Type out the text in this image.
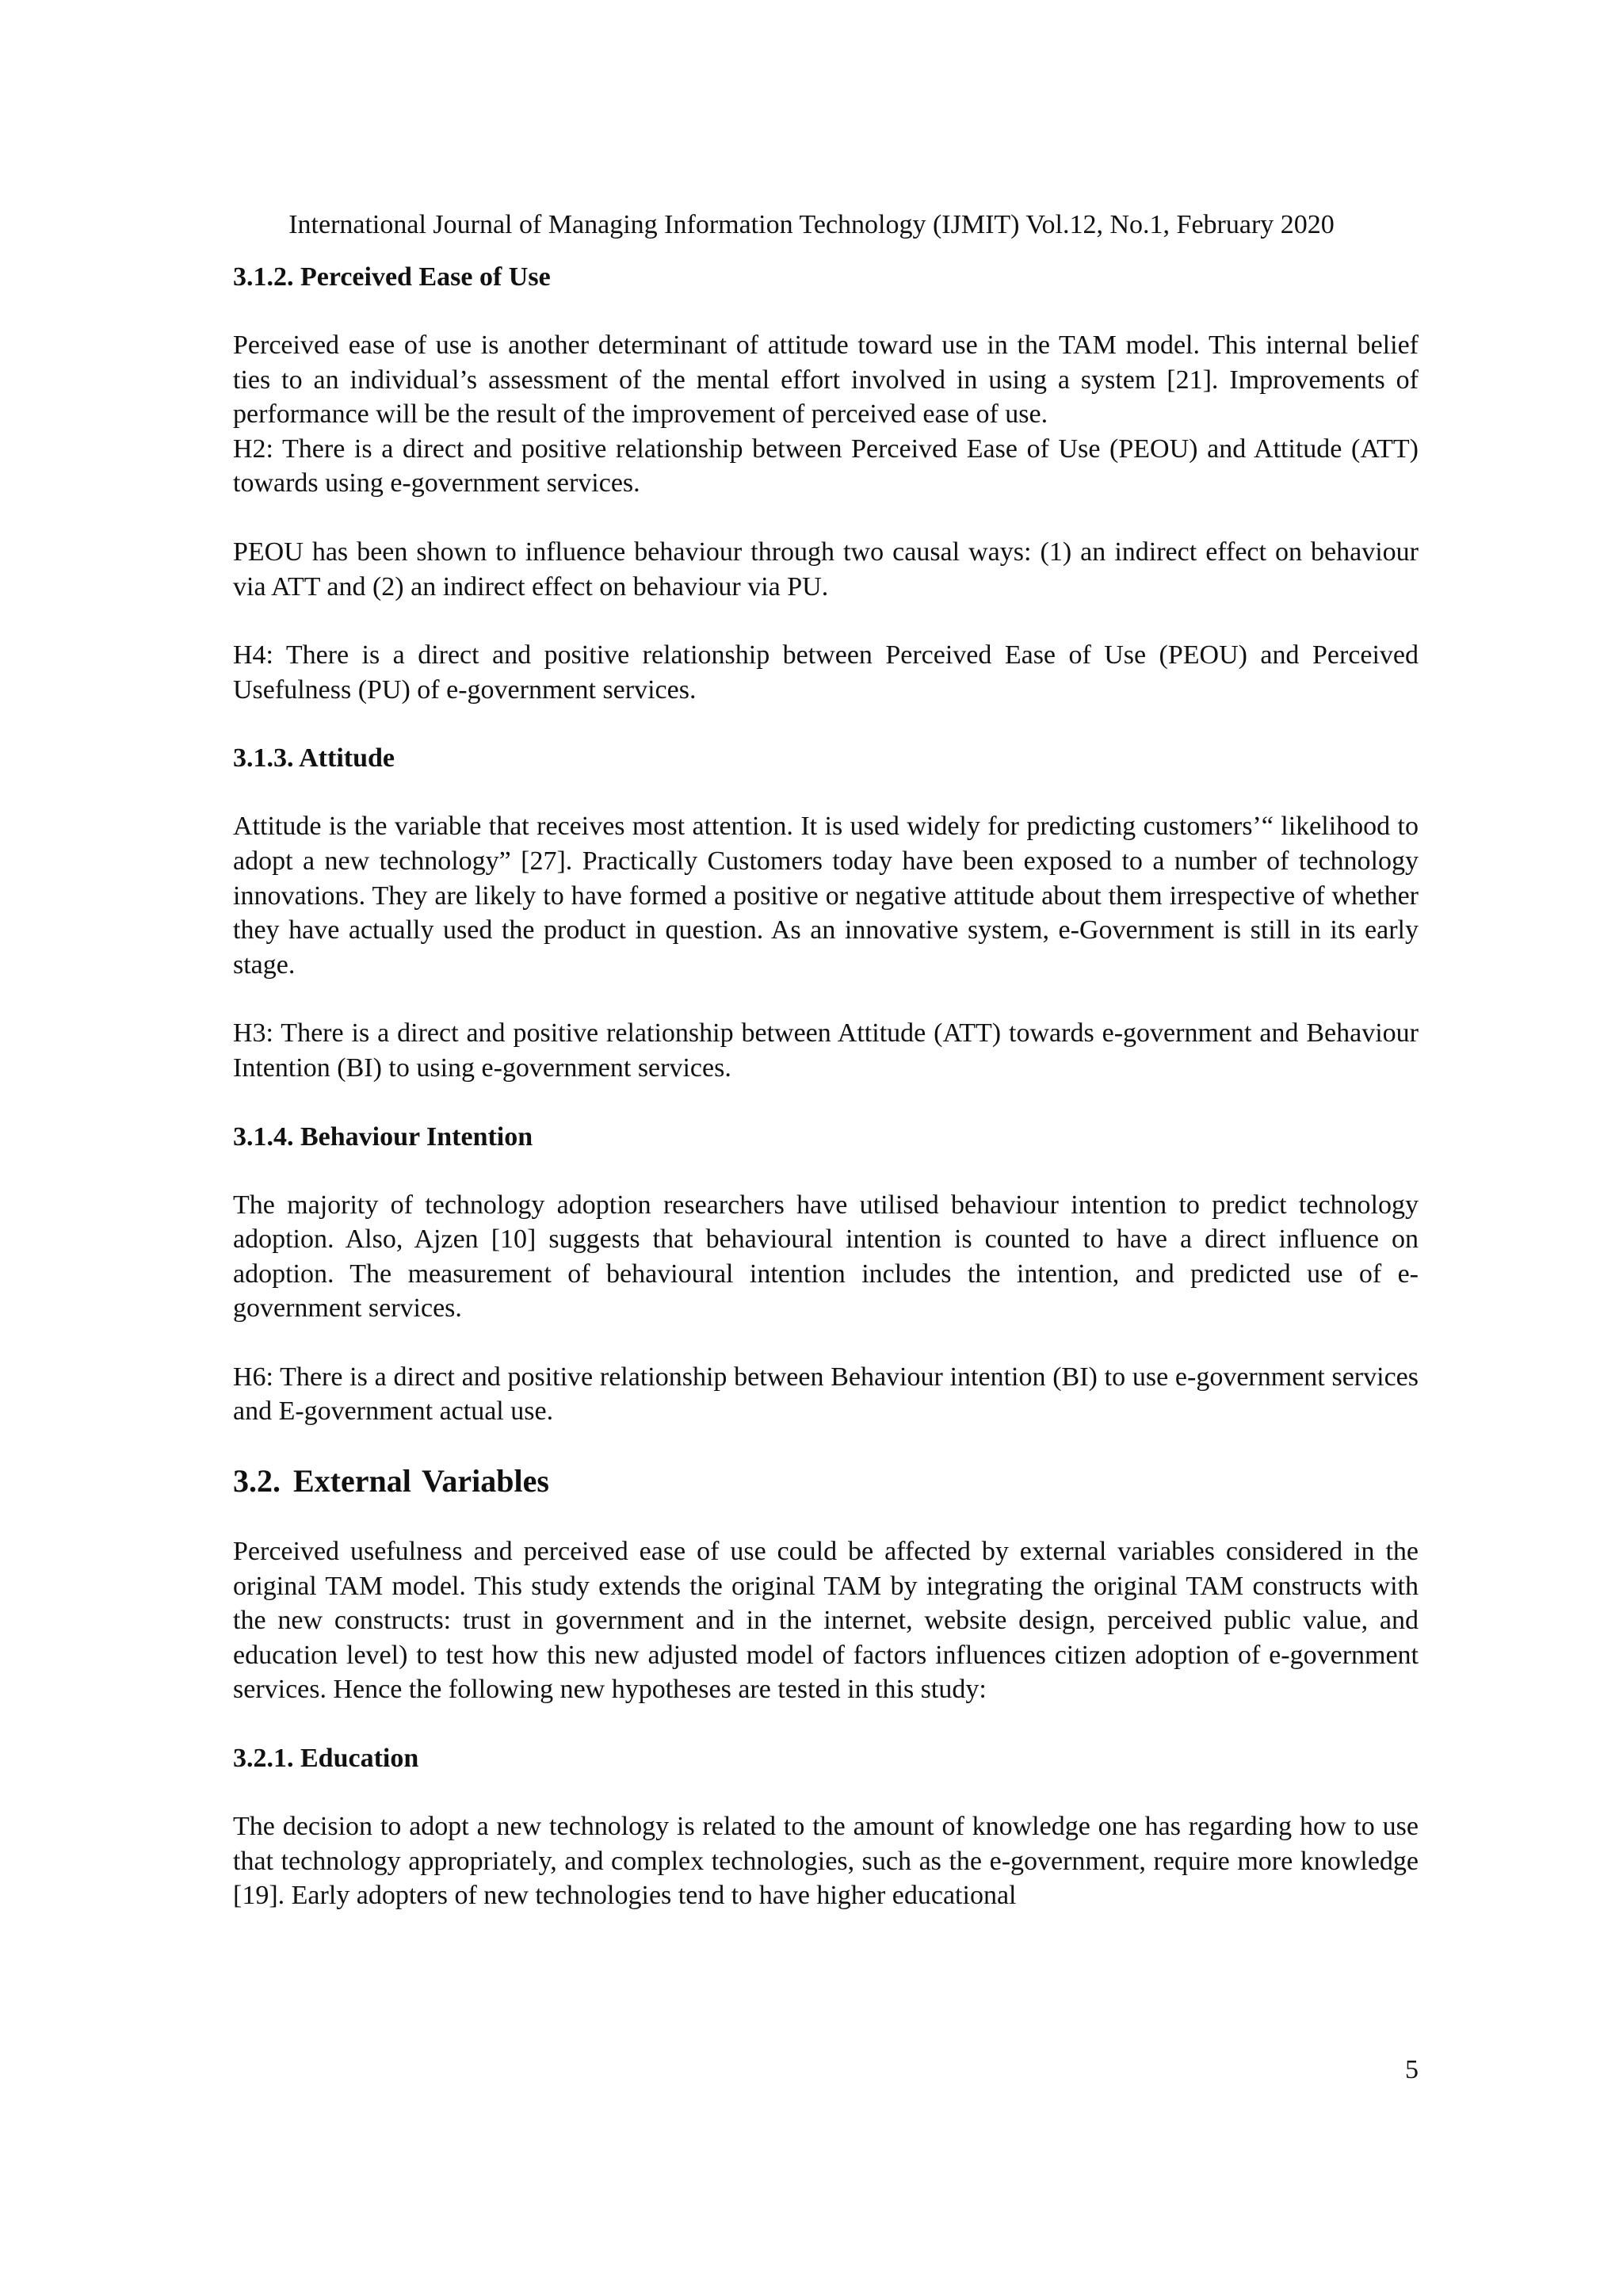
International Journal of Managing Information Technology (IJMIT) Vol.12, No.1, February 2020
3.1.2. Perceived Ease of Use

Perceived ease of use is another determinant of attitude toward use in the TAM model. This internal belief ties to an individual’s assessment of the mental effort involved in using a system [21]. Improvements of performance will be the result of the improvement of perceived ease of use.

H2: There is a direct and positive relationship between Perceived Ease of Use (PEOU) and Attitude (ATT) towards using e-government services.

PEOU has been shown to influence behaviour through two causal ways: (1) an indirect effect on behaviour via ATT and (2) an indirect effect on behaviour via PU.

H4: There is a direct and positive relationship between Perceived Ease of Use (PEOU) and Perceived Usefulness (PU) of e-government services.

3.1.3. Attitude

Attitude is the variable that receives most attention. It is used widely for predicting customers’“ likelihood to adopt a new technology” [27]. Practically Customers today have been exposed to a number of technology innovations. They are likely to have formed a positive or negative attitude about them irrespective of whether they have actually used the product in question. As an innovative system, e-Government is still in its early stage.

H3: There is a direct and positive relationship between Attitude (ATT) towards e-government and Behaviour Intention (BI) to using e-government services.

3.1.4. Behaviour Intention

The majority of technology adoption researchers have utilised behaviour intention to predict technology adoption. Also, Ajzen [10] suggests that behavioural intention is counted to have a direct influence on adoption. The measurement of behavioural intention includes the intention, and predicted use of e-government services.

H6: There is a direct and positive relationship between Behaviour intention (BI) to use e-government services and E-government actual use.

3.2. External Variables

Perceived usefulness and perceived ease of use could be affected by external variables considered in the original TAM model. This study extends the original TAM by integrating the original TAM constructs with the new constructs: trust in government and in the internet, website design, perceived public value, and education level) to test how this new adjusted model of factors influences citizen adoption of e-government services. Hence the following new hypotheses are tested in this study:

3.2.1. Education

The decision to adopt a new technology is related to the amount of knowledge one has regarding how to use that technology appropriately, and complex technologies, such as the e-government, require more knowledge [19]. Early adopters of new technologies tend to have higher educational

5
